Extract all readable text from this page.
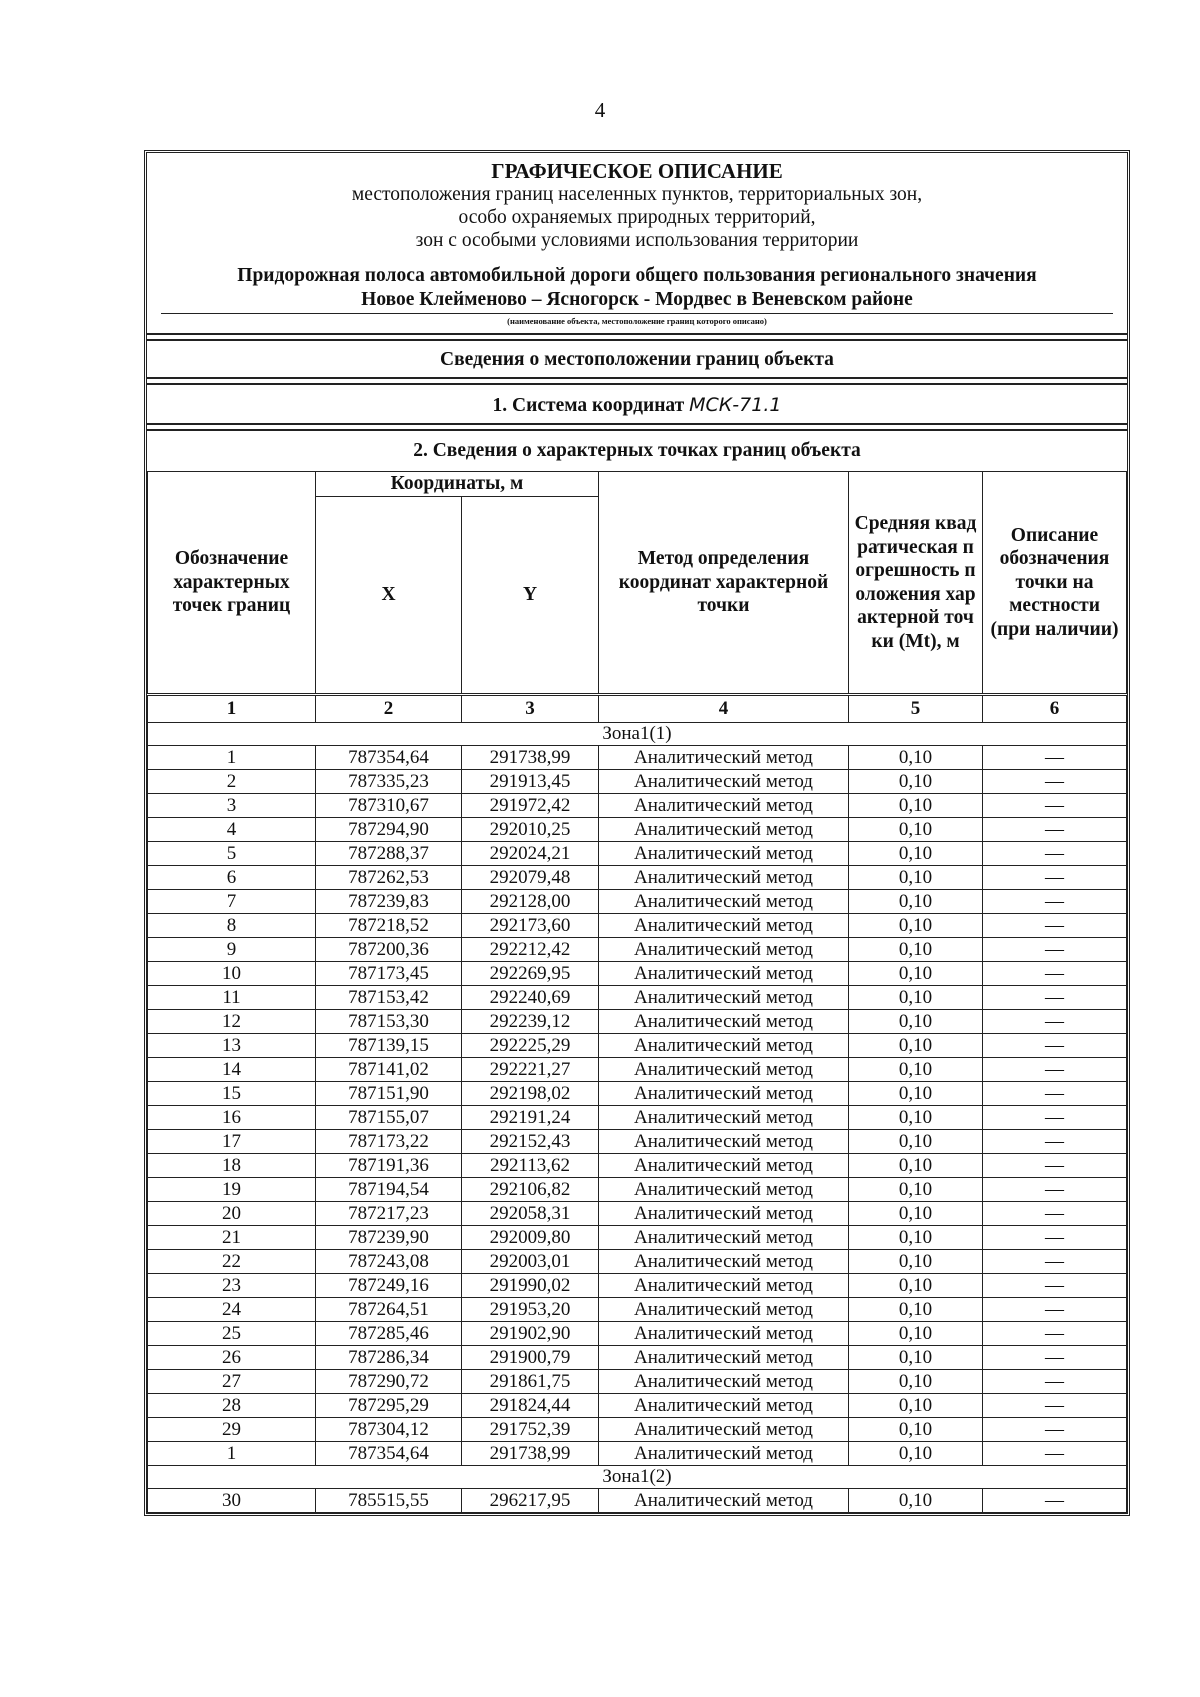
4
ГРАФИЧЕСКОЕ ОПИСАНИЕ
местоположения границ населенных пунктов, территориальных зон,
особо охраняемых природных территорий,
зон с особыми условиями использования территории
Придорожная полоса автомобильной дороги общего пользования регионального значения
Новое Клейменово – Ясногорск - Мордвес в Веневском районе
(наименование объекта, местоположение границ которого описано)
Сведения о местоположении границ объекта
1. Система координат МСК-71.1
2. Сведения о характерных точках границ объекта
Обозначение характерных точек границ	Координаты, м		Метод определения координат характерной точки	Средняя квадратическая погрешность положения характерной точки (Мt), м	Описание обозначения точки на местности (при наличии)
	X	Y			
1	2	3	4	5	6
Зона1(1)					
1	787354,64	291738,99	Аналитический метод	0,10	—
2	787335,23	291913,45	Аналитический метод	0,10	—
3	787310,67	291972,42	Аналитический метод	0,10	—
4	787294,90	292010,25	Аналитический метод	0,10	—
5	787288,37	292024,21	Аналитический метод	0,10	—
6	787262,53	292079,48	Аналитический метод	0,10	—
7	787239,83	292128,00	Аналитический метод	0,10	—
8	787218,52	292173,60	Аналитический метод	0,10	—
9	787200,36	292212,42	Аналитический метод	0,10	—
10	787173,45	292269,95	Аналитический метод	0,10	—
11	787153,42	292240,69	Аналитический метод	0,10	—
12	787153,30	292239,12	Аналитический метод	0,10	—
13	787139,15	292225,29	Аналитический метод	0,10	—
14	787141,02	292221,27	Аналитический метод	0,10	—
15	787151,90	292198,02	Аналитический метод	0,10	—
16	787155,07	292191,24	Аналитический метод	0,10	—
17	787173,22	292152,43	Аналитический метод	0,10	—
18	787191,36	292113,62	Аналитический метод	0,10	—
19	787194,54	292106,82	Аналитический метод	0,10	—
20	787217,23	292058,31	Аналитический метод	0,10	—
21	787239,90	292009,80	Аналитический метод	0,10	—
22	787243,08	292003,01	Аналитический метод	0,10	—
23	787249,16	291990,02	Аналитический метод	0,10	—
24	787264,51	291953,20	Аналитический метод	0,10	—
25	787285,46	291902,90	Аналитический метод	0,10	—
26	787286,34	291900,79	Аналитический метод	0,10	—
27	787290,72	291861,75	Аналитический метод	0,10	—
28	787295,29	291824,44	Аналитический метод	0,10	—
29	787304,12	291752,39	Аналитический метод	0,10	—
1	787354,64	291738,99	Аналитический метод	0,10	—
Зона1(2)					
30	785515,55	296217,95	Аналитический метод	0,10	—
